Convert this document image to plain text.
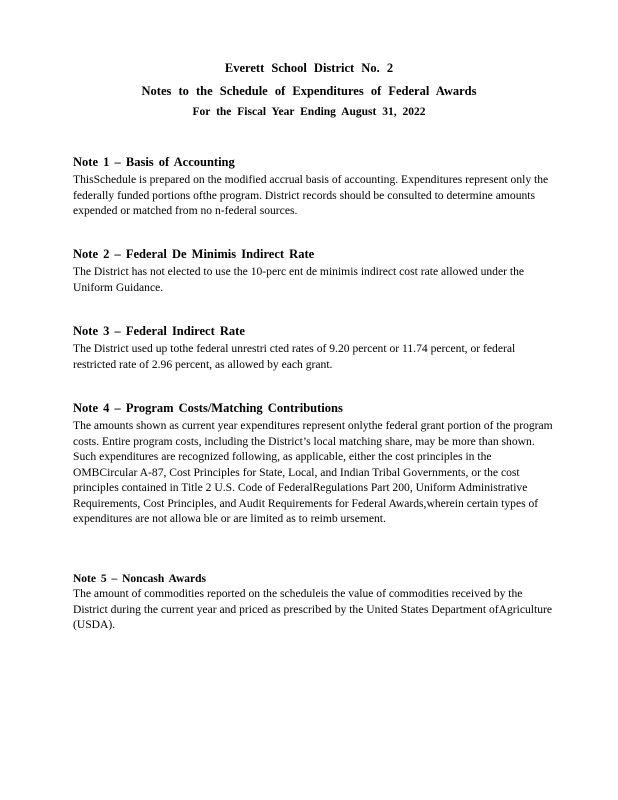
Everett School District No. 2
Notes to the Schedule of Expenditures of Federal Awards
For the Fiscal Year Ending August 31, 2022
Note 1 – Basis of Accounting
ThisSchedule is prepared on the modified accrual basis of accounting. Expenditures represent only the federally funded portions ofthe program. District records should be consulted to determine amounts expended or matched from no n-federal sources.
Note 2 – Federal De Minimis Indirect Rate
The District has not elected to use the 10-perc ent de minimis indirect cost rate allowed under the Uniform Guidance.
Note 3 – Federal Indirect Rate
The District used up tothe federal unrestri cted rates of 9.20 percent or 11.74 percent, or federal restricted rate of 2.96 percent, as allowed by each grant.
Note 4 – Program Costs/Matching Contributions
The amounts shown as current year expenditures represent onlythe federal grant portion of the program costs. Entire program costs, including the District’s local matching share, may be more than shown. Such expenditures are recognized following, as applicable, either the cost principles in the OMBCircular A-87, Cost Principles for State, Local, and Indian Tribal Governments, or the cost principles contained in Title 2 U.S. Code of FederalRegulations Part 200, Uniform Administrative Requirements, Cost Principles, and Audit Requirements for Federal Awards,wherein certain types of expenditures are not allowa ble or are limited as to reimb ursement.
Note 5 – Noncash Awards
The amount of commodities reported on the scheduleis the value of commodities received by the District during the current year and priced as prescribed by the United States Department ofAgriculture (USDA).
